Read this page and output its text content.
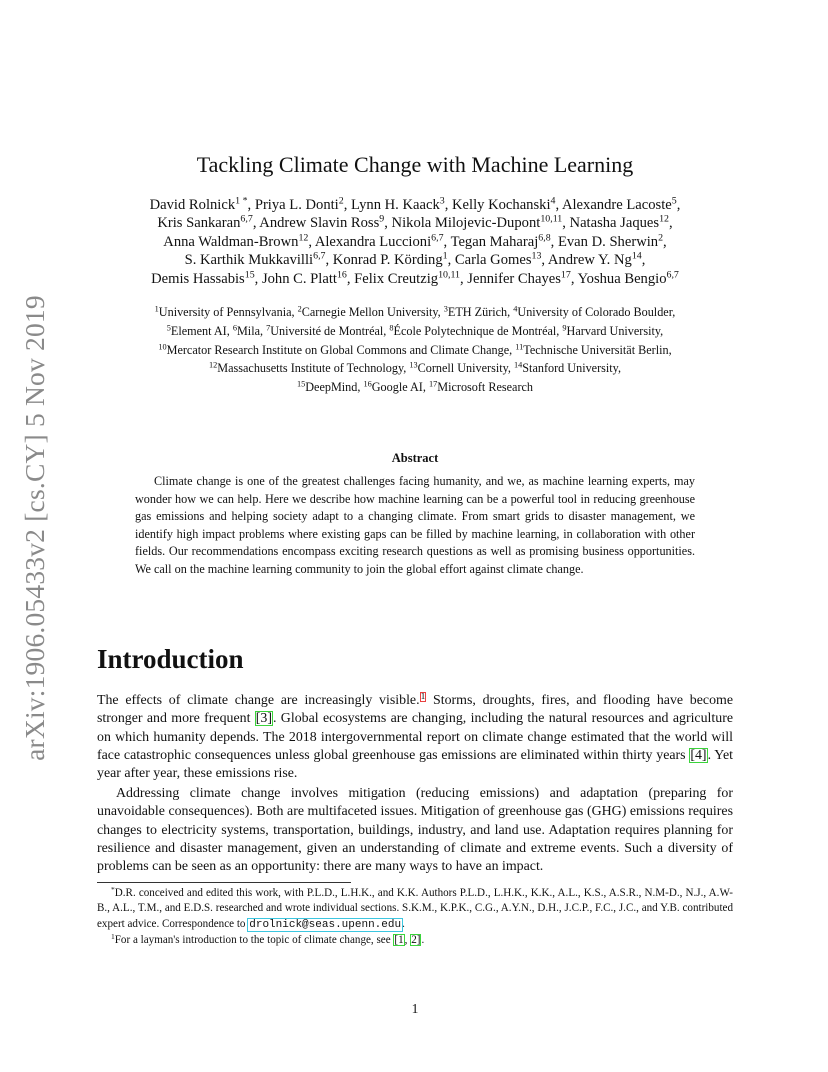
arXiv:1906.05433v2 [cs.CY] 5 Nov 2019
Tackling Climate Change with Machine Learning
David Rolnick$^{1 *}$, Priya L. Donti$^2$, Lynn H. Kaack$^3$, Kelly Kochanski$^4$, Alexandre Lacoste$^5$,
Kris Sankaran$^{6,7}$, Andrew Slavin Ross$^9$, Nikola Milojevic-Dupont$^{10,11}$, Natasha Jaques$^{12}$,
Anna Waldman-Brown$^{12}$, Alexandra Luccioni$^{6,7}$, Tegan Maharaj$^{6,8}$, Evan D. Sherwin$^2$,
S. Karthik Mukkavilli$^{6,7}$, Konrad P. Körding$^1$, Carla Gomes$^{13}$, Andrew Y. Ng$^{14}$,
Demis Hassabis$^{15}$, John C. Platt$^{16}$, Felix Creutzig$^{10,11}$, Jennifer Chayes$^{17}$, Yoshua Bengio$^{6,7}$
$^1$University of Pennsylvania, $^2$Carnegie Mellon University, $^3$ETH Zürich, $^4$University of Colorado Boulder,
$^5$Element AI, $^6$Mila, $^7$Université de Montréal, $^8$École Polytechnique de Montréal, $^9$Harvard University,
$^{10}$Mercator Research Institute on Global Commons and Climate Change, $^{11}$Technische Universität Berlin,
$^{12}$Massachusetts Institute of Technology, $^{13}$Cornell University, $^{14}$Stanford University,
$^{15}$DeepMind, $^{16}$Google AI, $^{17}$Microsoft Research
Abstract
Climate change is one of the greatest challenges facing humanity, and we, as machine learning experts, may wonder how we can help. Here we describe how machine learning can be a powerful tool in reducing greenhouse gas emissions and helping society adapt to a changing climate. From smart grids to disaster management, we identify high impact problems where existing gaps can be filled by machine learning, in collaboration with other fields. Our recommendations encompass exciting research questions as well as promising business opportunities. We call on the machine learning community to join the global effort against climate change.
Introduction

The effects of climate change are increasingly visible.$^1$ Storms, droughts, fires, and flooding have become stronger and more frequent [3]. Global ecosystems are changing, including the natural resources and agriculture on which humanity depends. The 2018 intergovernmental report on climate change estimated that the world will face catastrophic consequences unless global greenhouse gas emissions are eliminated within thirty years [4]. Yet year after year, these emissions rise.

Addressing climate change involves mitigation (reducing emissions) and adaptation (preparing for unavoidable consequences). Both are multifaceted issues. Mitigation of greenhouse gas (GHG) emissions requires changes to electricity systems, transportation, buildings, industry, and land use. Adaptation requires planning for resilience and disaster management, given an understanding of climate and extreme events. Such a diversity of problems can be seen as an opportunity: there are many ways to have an impact.

*D.R. conceived and edited this work, with P.L.D., L.H.K., and K.K. Authors P.L.D., L.H.K., K.K., A.L., K.S., A.S.R., N.M-D., N.J., A.W-B., A.L., T.M., and E.D.S. researched and wrote individual sections. S.K.M., K.P.K., C.G., A.Y.N., D.H., J.C.P., F.C., J.C., and Y.B. contributed expert advice. Correspondence to drolnick@seas.upenn.edu.

$^1$For a layman's introduction to the topic of climate change, see [1, 2].

1
